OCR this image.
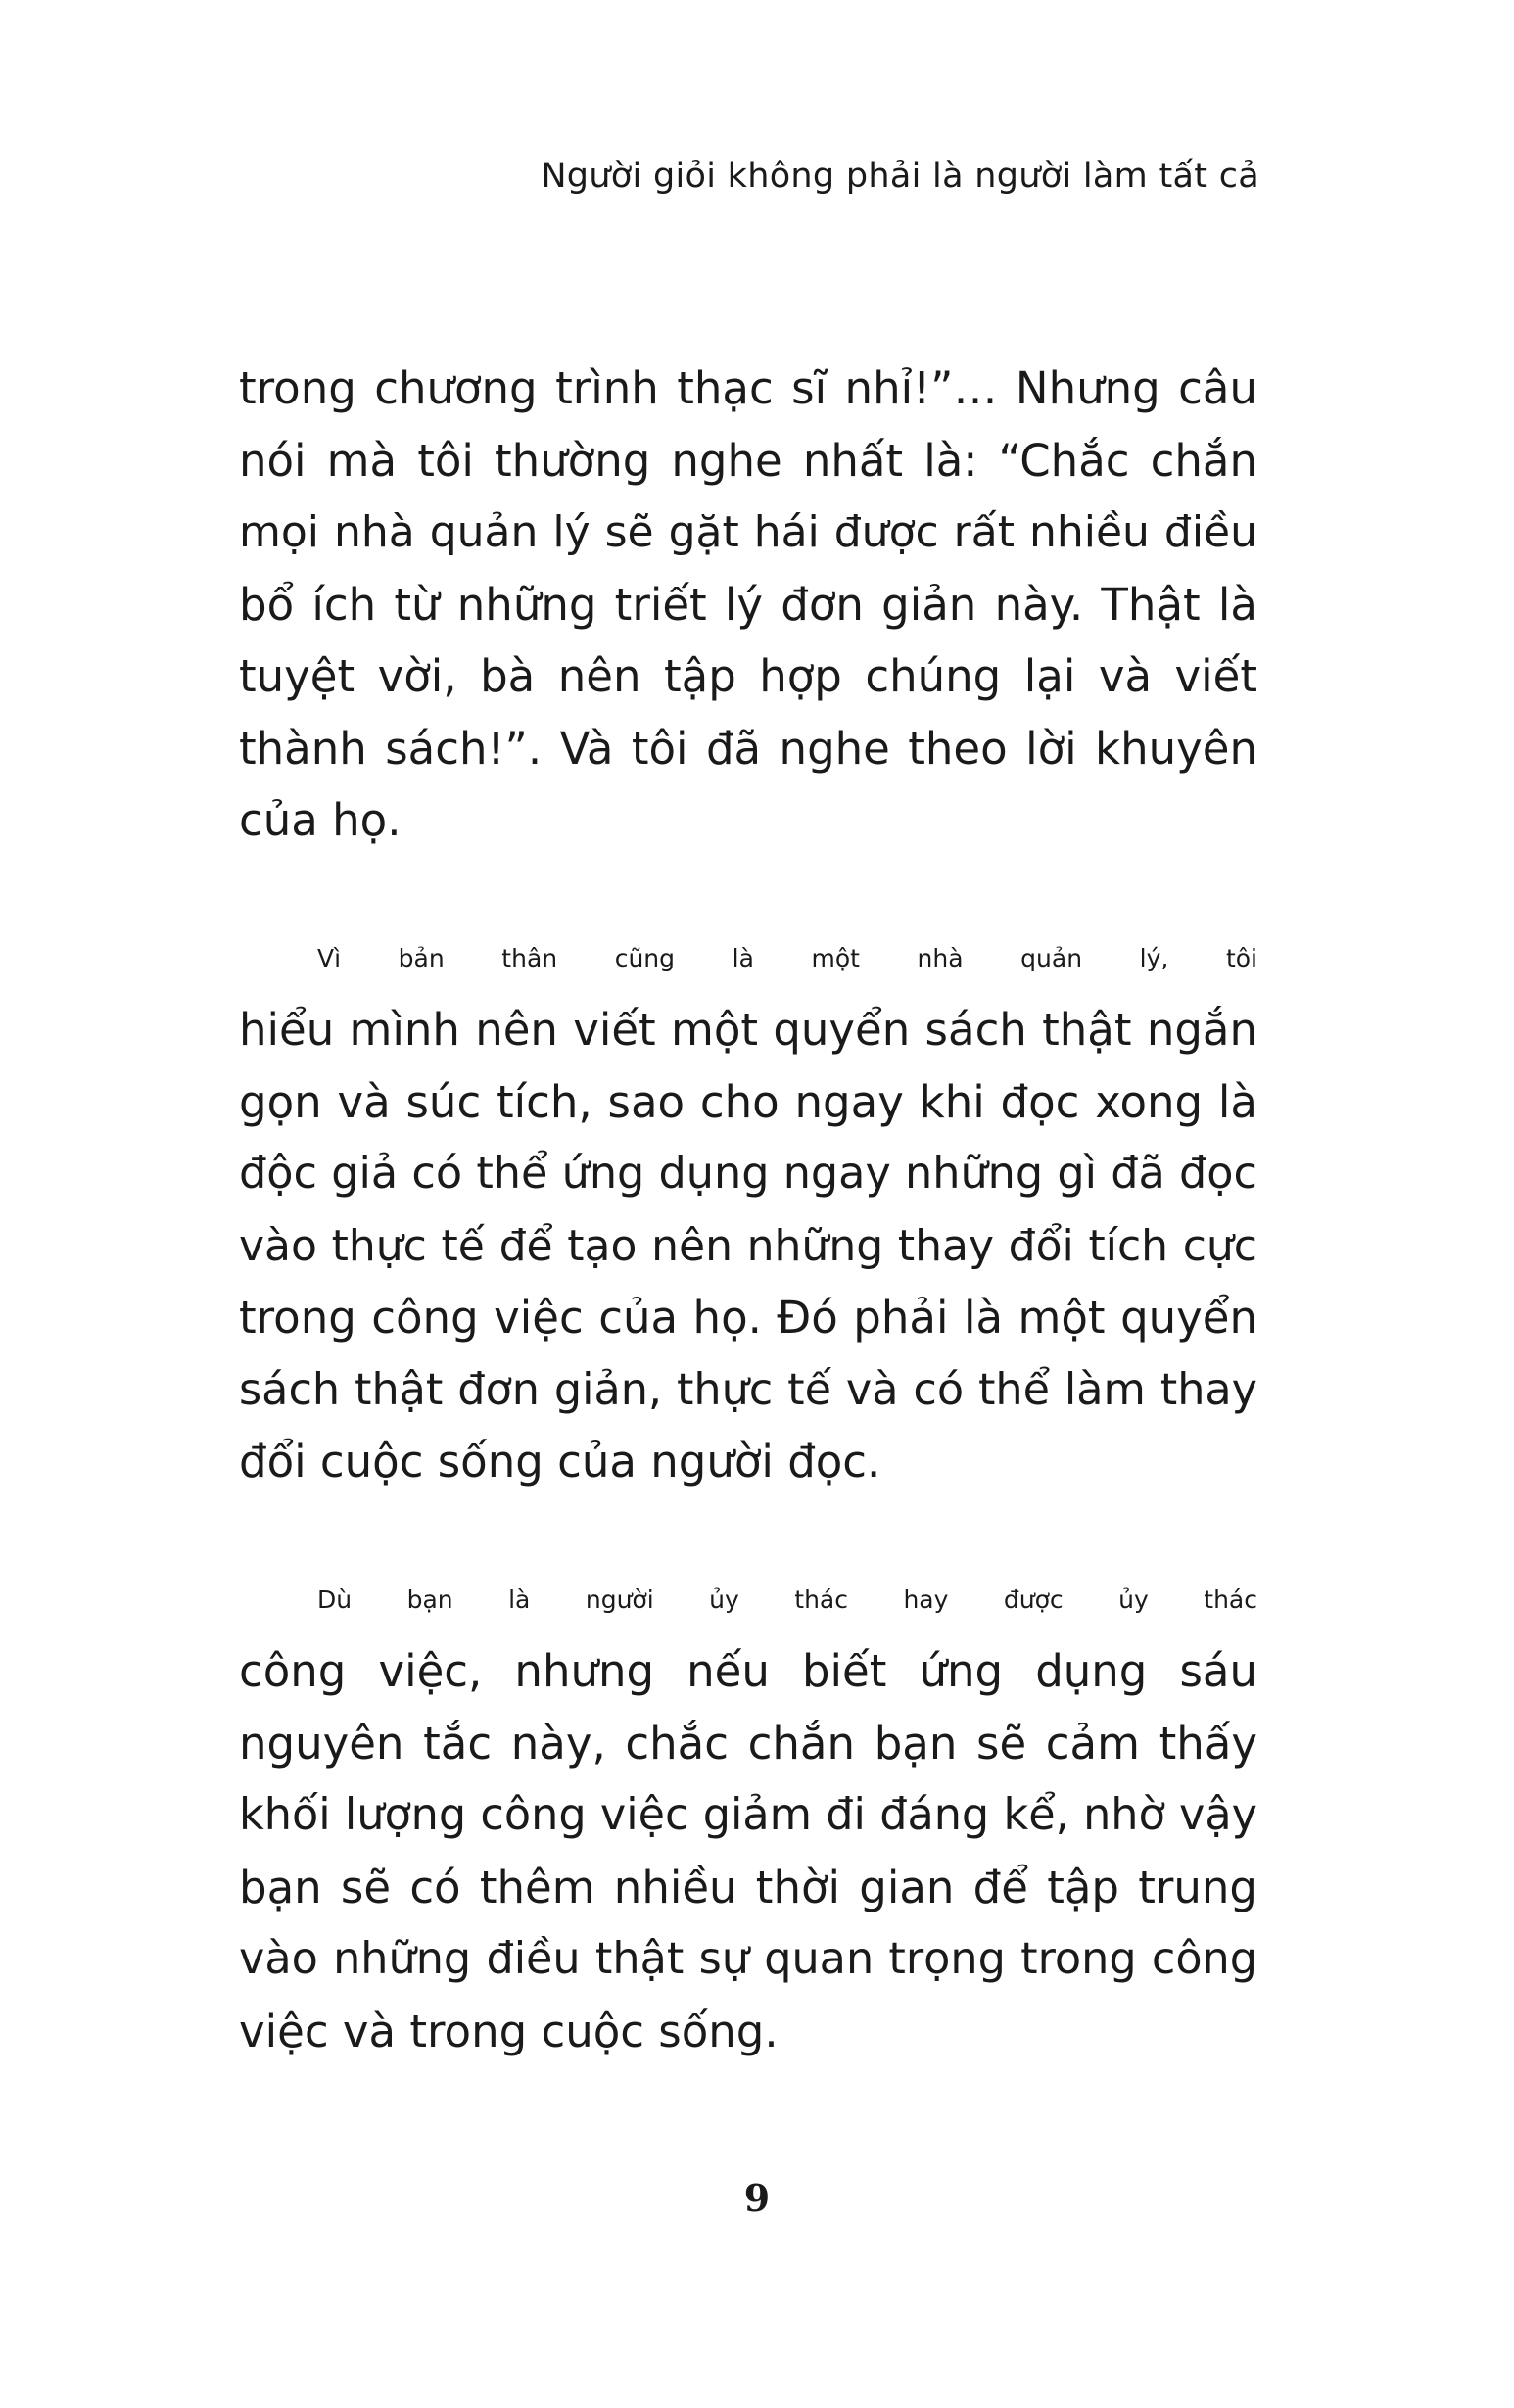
Người giỏi không phải là người làm tất cả

trong chương trình thạc sĩ nhỉ!”… Nhưng câu
nói mà tôi thường nghe nhất là: “Chắc chắn
mọi nhà quản lý sẽ gặt hái được rất nhiều điều
bổ ích từ những triết lý đơn giản này. Thật là
tuyệt vời, bà nên tập hợp chúng lại và viết
thành sách!”. Và tôi đã nghe theo lời khuyên
của họ.

Vì bản thân cũng là một nhà quản lý, tôi
hiểu mình nên viết một quyển sách thật ngắn
gọn và súc tích, sao cho ngay khi đọc xong là
độc giả có thể ứng dụng ngay những gì đã đọc
vào thực tế để tạo nên những thay đổi tích cực
trong công việc của họ. Đó phải là một quyển
sách thật đơn giản, thực tế và có thể làm thay
đổi cuộc sống của người đọc.

Dù bạn là người ủy thác hay được ủy thác
công việc, nhưng nếu biết ứng dụng sáu
nguyên tắc này, chắc chắn bạn sẽ cảm thấy
khối lượng công việc giảm đi đáng kể, nhờ vậy
bạn sẽ có thêm nhiều thời gian để tập trung
vào những điều thật sự quan trọng trong công
việc và trong cuộc sống.

9
